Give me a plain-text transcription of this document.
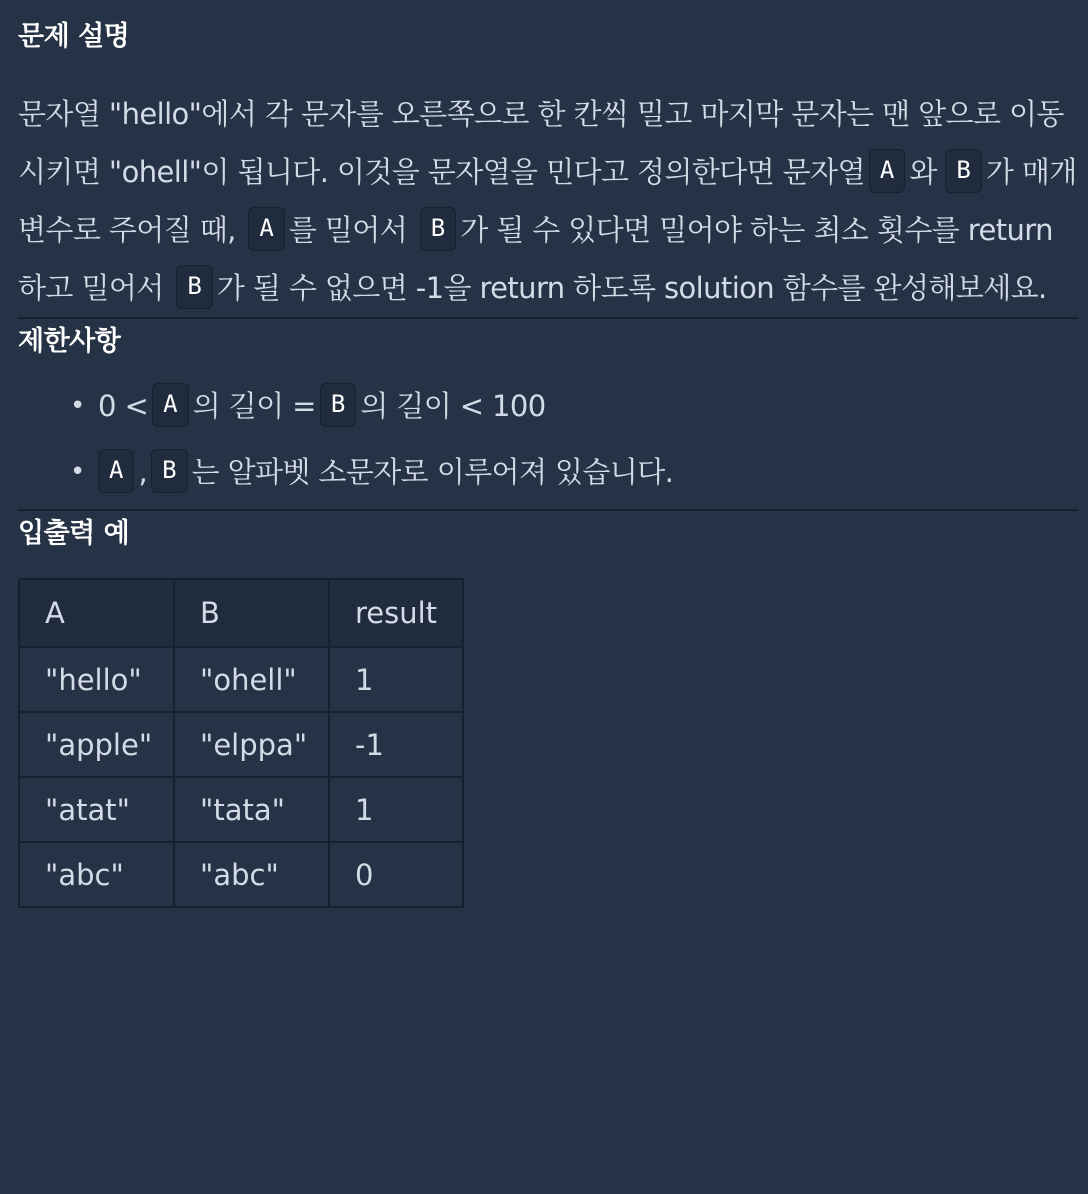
문제 설명

문자열 "hello"에서 각 문자를 오른쪽으로 한 칸씩 밀고 마지막 문자는 맨 앞으로 이동시키면 "ohell"이 됩니다. 이것을 문자열을 민다고 정의한다면 문자열 A 와 B 가 매개변수로 주어질 때, A 를 밀어서 B 가 될 수 있다면 밀어야 하는 최소 횟수를 return하고 밀어서 B 가 될 수 없으면 -1을 return 하도록 solution 함수를 완성해보세요.

제한사항
• 0 < A 의 길이 = B 의 길이 < 100
• A , B 는 알파벳 소문자로 이루어져 있습니다.
입출력 예
A	B	result
"hello"	"ohell"	1
"apple"	"elppa"	-1
"atat"	"tata"	1
"abc"	"abc"	0
